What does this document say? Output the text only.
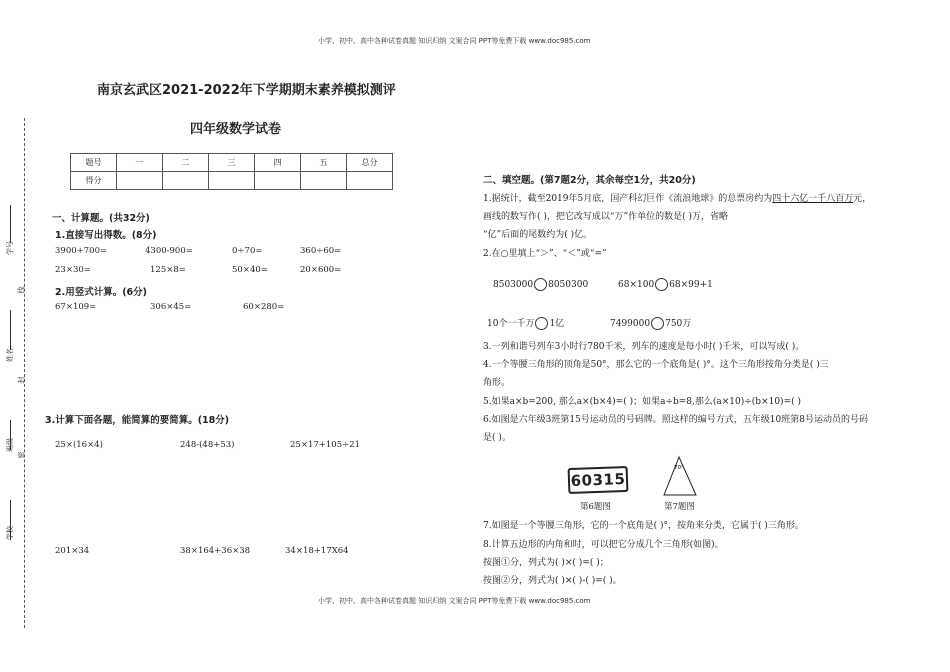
小学、初中、高中各种试卷真题 知识归纳 文案合同 PPT等免费下载 www.doc985.com
小学、初中、高中各种试卷真题 知识归纳 文案合同 PPT等免费下载 www.doc985.com
学号
线
姓名
封
班级
密
学校
南京玄武区2021-2022年下学期期末素养模拟测评
四年级数学试卷
题号	一	二	三	四	五	总分
得分						
一、计算题。(共32分)
1.直接写出得数。(8分)
3900+700=	4300-900=	0÷70=	360÷60=
23×30=	125×8=	50×40=	20×600=
2.用竖式计算。(6分)
67×109=	306×45=	60×280=
3.计算下面各题，能简算的要简算。(18分)
25×(16×4)	248-(48+53)	25×17+105÷21
201×34	38×164+36×38	34×18+17X64
二、填空题。(第7题2分，其余每空1分，共20分)
1.据统计，截至2019年5月底，国产科幻巨作《流浪地球》的总票房约为四十六亿一千八百万元，
画线的数写作( )，把它改写成以“万”作单位的数是( )万，省略
“亿”后面的尾数约为( )亿。
2.在○里填上“＞”、“＜”或“=”
8503000 8050300	68×100 68×99+1
10个一千万 1亿	7499000 750万
3.一列和谐号列车3小时行780千米，列车的速度是每小时( )千米，可以写成( )。
4.一个等腰三角形的顶角是50°，那么它的一个底角是( )°。这个三角形按角分类是( )三
角形。
5.如果a×b=200, 那么a×(b×4)=( )；如果a÷b=8,那么(a×10)÷(b×10)=( )
6.如图是六年级3班第15号运动员的号码牌。照这样的编号方式，五年级10班第8号运动员的号码
是( )。
60315
第6题图
70°
第7题图
7.如图是一个等腰三角形，它的一个底角是( )°，按角来分类，它属于( )三角形。
8.计算五边形的内角和时，可以把它分成几个三角形(如图)。
按图①分，列式为( )×( )=( )；
按图②分，列式为( )×( )-( )=( )。
